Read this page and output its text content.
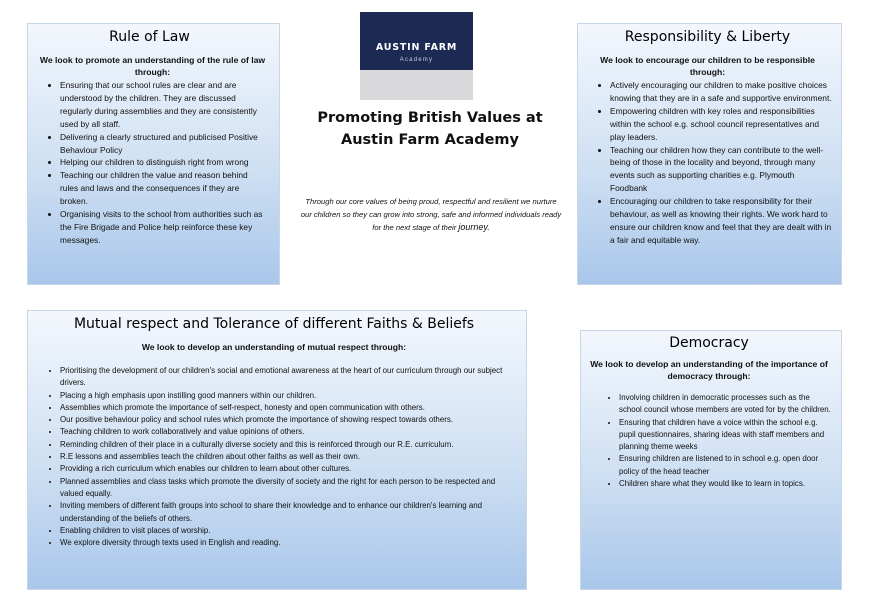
Rule of Law

We look to promote an understanding of the rule of law through:

• Ensuring that our school rules are clear and are understood by the children. They are discussed regularly during assemblies and they are consistently used by all staff.
• Delivering a clearly structured and publicised Positive Behaviour Policy
• Helping our children to distinguish right from wrong
• Teaching our children the value and reason behind rules and laws and the consequences if they are broken.
• Organising visits to the school from authorities such as the Fire Brigade and Police help reinforce these key messages.
AUSTIN FARM
Academy
Promoting British Values at
Austin Farm Academy

Through our core values of being proud, respectful and resilient we nurture our children so they can grow into strong, safe and informed individuals ready for the next stage of their journey.

Responsibility & Liberty

We look to encourage our children to be responsible through:

• Actively encouraging our children to make positive choices knowing that they are in a safe and supportive environment.
• Empowering children with key roles and responsibilities within the school e.g. school council representatives and play leaders.
• Teaching our children how they can contribute to the well-being of those in the locality and beyond, through many events such as supporting charities e.g. Plymouth Foodbank
• Encouraging our children to take responsibility for their behaviour, as well as knowing their rights. We work hard to ensure our children know and feel that they are dealt with in a fair and equitable way.
Mutual respect and Tolerance of different Faiths & Beliefs

We look to develop an understanding of mutual respect through:

• Prioritising the development of our children's social and emotional awareness at the heart of our curriculum through our subject drivers.
• Placing a high emphasis upon instilling good manners within our children.
• Assemblies which promote the importance of self-respect, honesty and open communication with others.
• Our positive behaviour policy and school rules which promote the importance of showing respect towards others.
• Teaching children to work collaboratively and value opinions of others.
• Reminding children of their place in a culturally diverse society and this is reinforced through our R.E. curriculum.
• R.E lessons and assemblies teach the children about other faiths as well as their own.
• Providing a rich curriculum which enables our children to learn about other cultures.
• Planned assemblies and class tasks which promote the diversity of society and the right for each person to be respected and valued equally.
• Inviting members of different faith groups into school to share their knowledge and to enhance our children's learning and understanding of the beliefs of others.
• Enabling children to visit places of worship.
• We explore diversity through texts used in English and reading.
Democracy

We look to develop an understanding of the importance of democracy through:

• Involving children in democratic processes such as the school council whose members are voted for by the children.
• Ensuring that children have a voice within the school e.g. pupil questionnaires, sharing ideas with staff members and planning theme weeks
• Ensuring children are listened to in school e.g. open door policy of the head teacher
• Children share what they would like to learn in topics.
